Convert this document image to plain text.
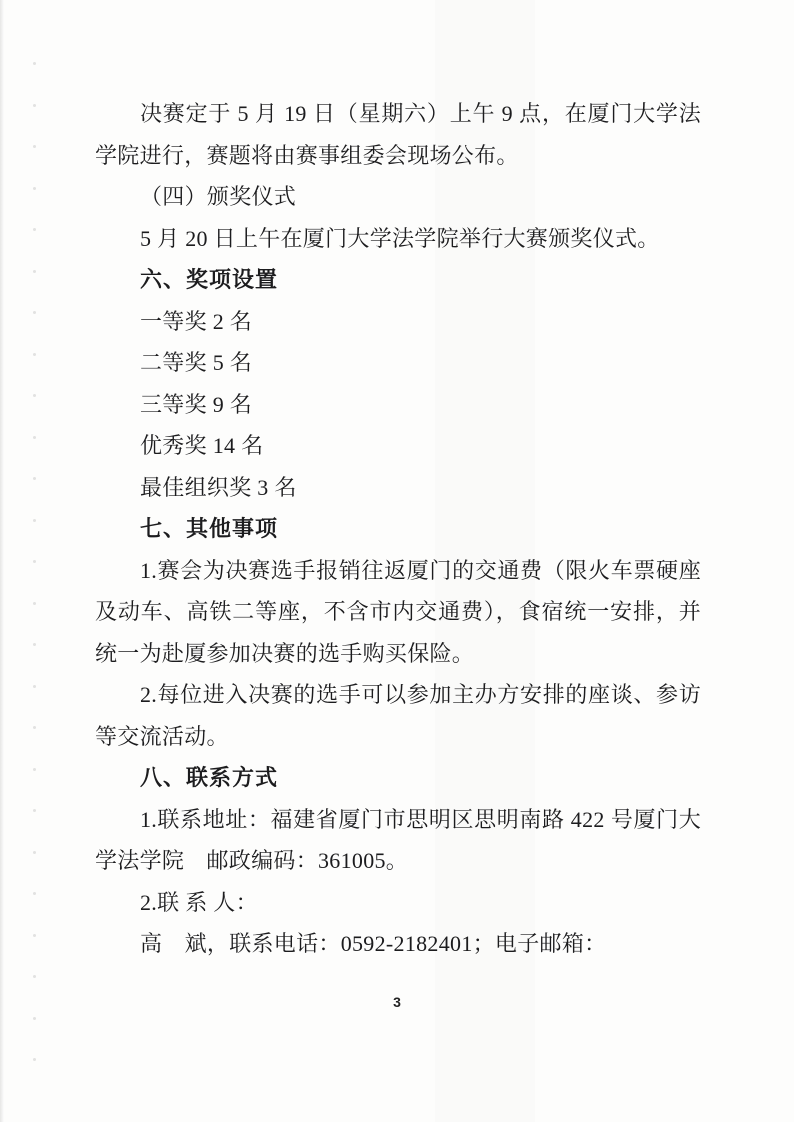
决赛定于 5 月 19 日（星期六）上午 9 点，在厦门大学法学院进行，赛题将由赛事组委会现场公布。

（四）颁奖仪式

5 月 20 日上午在厦门大学法学院举行大赛颁奖仪式。

六、奖项设置

一等奖 2 名

二等奖 5 名

三等奖 9 名

优秀奖 14 名

最佳组织奖 3 名

七、其他事项

1.赛会为决赛选手报销往返厦门的交通费（限火车票硬座及动车、高铁二等座，不含市内交通费），食宿统一安排，并统一为赴厦参加决赛的选手购买保险。

2.每位进入决赛的选手可以参加主办方安排的座谈、参访等交流活动。

八、联系方式

1.联系地址：福建省厦门市思明区思明南路 422 号厦门大学法学院　邮政编码：361005。

2.联 系 人：

高　斌，联系电话：0592-2182401；电子邮箱：

3
